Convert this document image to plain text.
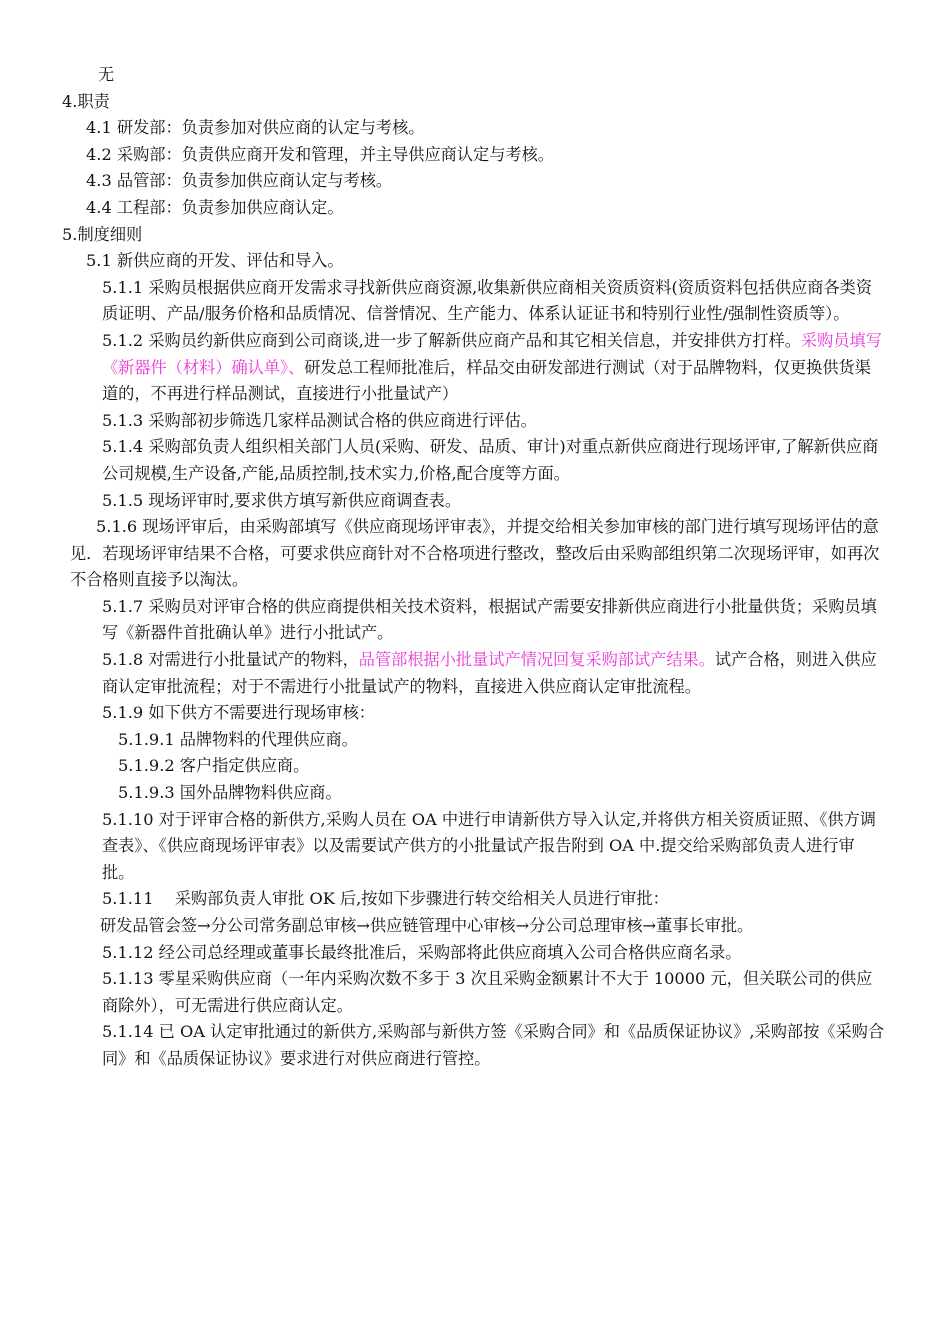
无

4.职责

4.1 研发部：负责参加对供应商的认定与考核。

4.2 采购部：负责供应商开发和管理，并主导供应商认定与考核。

4.3 品管部：负责参加供应商认定与考核。

4.4 工程部：负责参加供应商认定。

5.制度细则

5.1 新供应商的开发、评估和导入。

5.1.1 采购员根据供应商开发需求寻找新供应商资源,收集新供应商相关资质资料(资质资料包括供应商各类资质证明、产品/服务价格和品质情况、信誉情况、生产能力、体系认证证书和特别行业性/强制性资质等）。

5.1.2 采购员约新供应商到公司商谈,进一步了解新供应商产品和其它相关信息，并安排供方打样。采购员填写《新器件（材料）确认单》、研发总工程师批准后，样品交由研发部进行测试（对于品牌物料，仅更换供货渠道的，不再进行样品测试，直接进行小批量试产）

5.1.3 采购部初步筛选几家样品测试合格的供应商进行评估。

5.1.4 采购部负责人组织相关部门人员(采购、研发、品质、审计)对重点新供应商进行现场评审,了解新供应商公司规模,生产设备,产能,品质控制,技术实力,价格,配合度等方面。

5.1.5 现场评审时,要求供方填写新供应商调查表。

5.1.6 现场评审后，由采购部填写《供应商现场评审表》，并提交给相关参加审核的部门进行填写现场评估的意见．若现场评审结果不合格，可要求供应商针对不合格项进行整改，整改后由采购部组织第二次现场评审，如再次不合格则直接予以淘汰。

5.1.7 采购员对评审合格的供应商提供相关技术资料，根据试产需要安排新供应商进行小批量供货；采购员填写《新器件首批确认单》进行小批试产。

5.1.8 对需进行小批量试产的物料，品管部根据小批量试产情况回复采购部试产结果。试产合格，则进入供应商认定审批流程；对于不需进行小批量试产的物料，直接进入供应商认定审批流程。

5.1.9 如下供方不需要进行现场审核：

5.1.9.1 品牌物料的代理供应商。

5.1.9.2 客户指定供应商。

5.1.9.3 国外品牌物料供应商。

5.1.10 对于评审合格的新供方,采购人员在 OA 中进行申请新供方导入认定,并将供方相关资质证照、《供方调查表》、《供应商现场评审表》以及需要试产供方的小批量试产报告附到 OA 中.提交给采购部负责人进行审批。

5.1.11　 采购部负责人审批 OK 后,按如下步骤进行转交给相关人员进行审批：

研发品管会签→分公司常务副总审核→供应链管理中心审核→分公司总理审核→董事长审批。

5.1.12 经公司总经理或董事长最终批准后，采购部将此供应商填入公司合格供应商名录。

5.1.13 零星采购供应商（一年内采购次数不多于 3 次且采购金额累计不大于 10000 元，但关联公司的供应商除外），可无需进行供应商认定。

5.1.14 已 OA 认定审批通过的新供方,采购部与新供方签《采购合同》和《品质保证协议》,采购部按《采购合同》和《品质保证协议》要求进行对供应商进行管控。
